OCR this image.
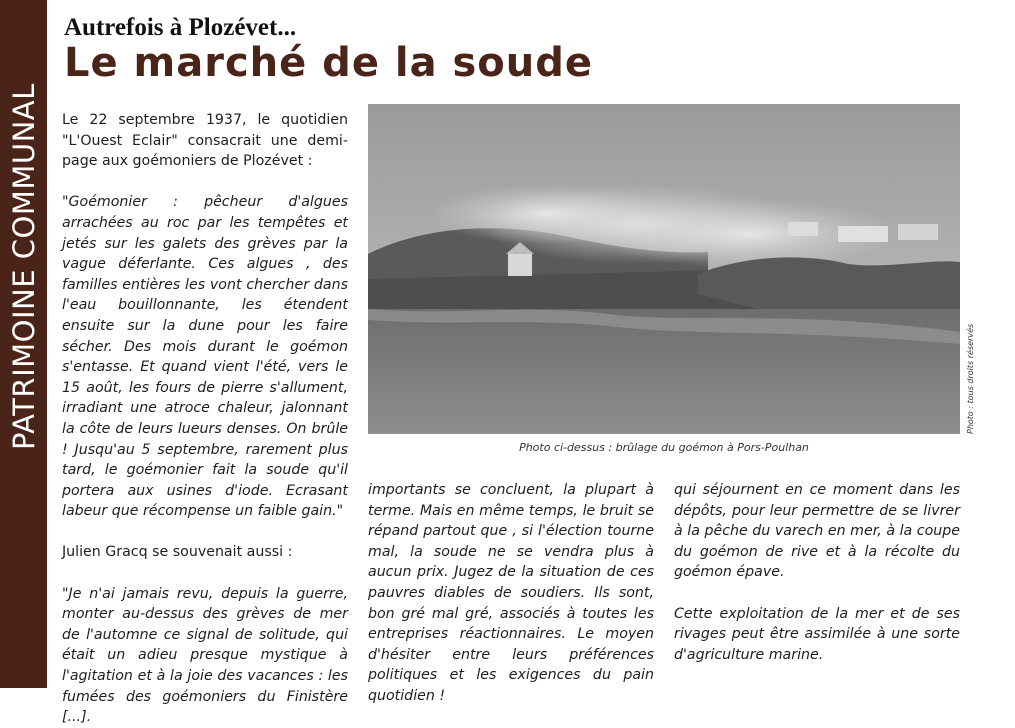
PATRIMOINE COMMUNAL
Autrefois à Plozévet...
Le marché de la soude

Le 22 septembre 1937, le quotidien "L'Ouest Eclair" consacrait une demi-page aux goémoniers de Plozévet :

"Goémonier : pêcheur d'algues arrachées au roc par les tempêtes et jetés sur les galets des grèves par la vague déferlante. Ces algues , des familles entières les vont chercher dans l'eau bouillonnante, les étendent ensuite sur la dune pour les faire sécher. Des mois durant le goémon s'entasse. Et quand vient l'été, vers le 15 août, les fours de pierre s'allument, irradiant une atroce chaleur, jalonnant la côte de leurs lueurs denses. On brûle ! Jusqu'au 5 septembre, rarement plus tard, le goémonier fait la soude qu'il portera aux usines d'iode. Ecrasant labeur que récompense un faible gain."

Julien Gracq se souvenait aussi :

"Je n'ai jamais revu, depuis la guerre, monter au-dessus des grèves de mer de l'automne ce signal de solitude, qui était un adieu presque mystique à l'agitation et à la joie des vacances : les fumées des goémoniers du Finistère [...].

Photo : tous droits réservés
Photo ci-dessus : brûlage du goémon à Pors-Poulhan

importants se concluent, la plupart à terme. Mais en même temps, le bruit se répand partout que , si l'élection tourne mal, la soude ne se vendra plus à aucun prix. Jugez de la situation de ces pauvres diables de soudiers. Ils sont, bon gré mal gré, associés à toutes les entreprises réactionnaires. Le moyen d'hésiter entre leurs préférences politiques et les exigences du pain quotidien !

qui séjournent en ce moment dans les dépôts, pour leur permettre de se livrer à la pêche du varech en mer, à la coupe du goémon de rive et à la récolte du goémon épave.

Cette exploitation de la mer et de ses rivages peut être assimilée à une sorte d'agriculture marine.
